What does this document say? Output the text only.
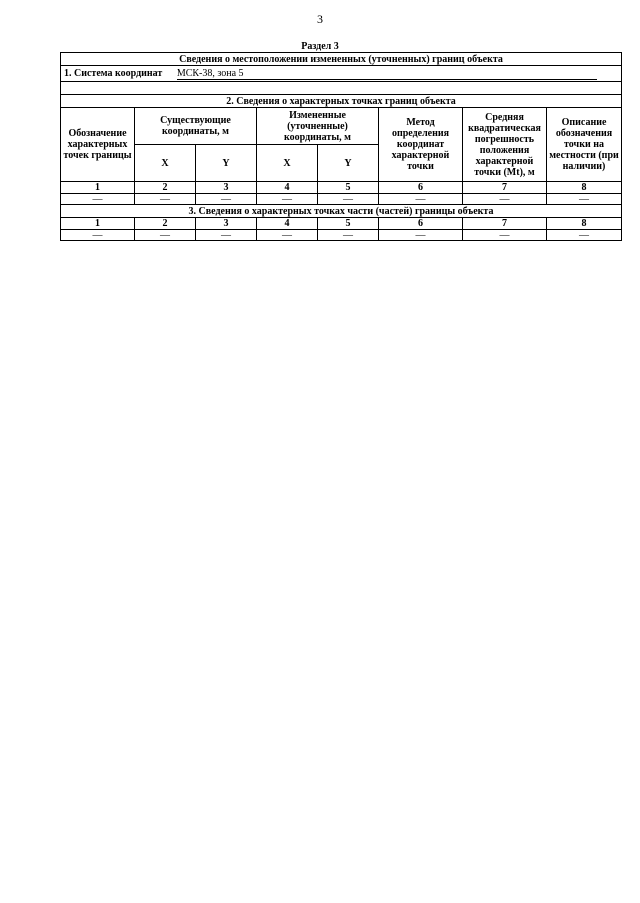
3
Раздел 3
Сведения о местоположении измененных (уточненных) границ объекта							
1. Система координат МСК-38, зона 5							

2. Сведения о характерных точках границ объекта							
Обозначение характерных точек границы	Существующие координаты, м		Измененные (уточненные) координаты, м		Метод определения координат характерной точки	Средняя квадратическая погрешность положения характерной точки (Mt), м	Описание обозначения точки на местности (при наличии)
	X	Y	X	Y			
1	2	3	4	5	6	7	8
—	—	—	—	—	—	—	—
3. Сведения о характерных точках части (частей) границы объекта							
1	2	3	4	5	6	7	8
—	—	—	—	—	—	—	—
